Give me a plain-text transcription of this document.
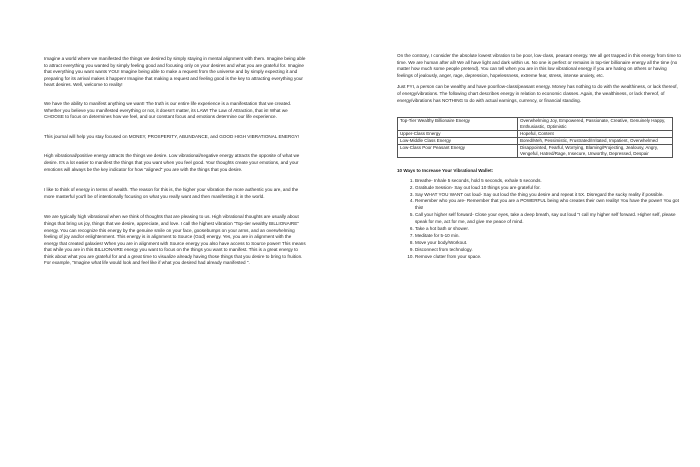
Imagine a world where we manifested the things we desired by simply staying in mental alignment with them. Imagine being able to attract everything you wanted by simply feeling good and focusing only on your desires and what you are grateful for. Imagine that everything you want wants YOU! Imagine being able to make a request from the universe and by simply expecting it and preparing for its arrival makes it happen! Imagine that making a request and feeling good is the key to attracting everything your heart desires. Well, welcome to reality!

We have the ability to manifest anything we want! The truth is our entire life experience is a manifestation that we created. Whether you believe you manifested everything or not, it doesn't matter, its LAW! The Law of Attraction, that is! What we CHOOSE to focus on determines how we feel, and our constant focus and emotions determine our life experience.

This journal will help you stay focused on MONEY, PROSPERITY, ABUNDANCE, and GOOD HIGH VIBRATIONAL ENERGY!

High vibrational/positive energy attracts the things we desire. Low vibrational/negative energy attracts the opposite of what we desire. It's a lot easier to manifest the things that you want when you feel good. Your thoughts create your emotions, and your emotions will always be the key indicator for how "aligned" you are with the things that you desire.

I like to think of energy in terms of wealth. The reason for this is, the higher your vibration the more authentic you are, and the more masterful you'll be of intentionally focusing on what you really want and then manifesting it in the world.

We are typically high vibrational when we think of thoughts that are pleasing to us. High vibrational thoughts are usually about things that bring us joy, things that we desire, appreciate, and love. I call the highest vibration "Top-tier wealthy BILLIONAIRE" energy. You can recognize this energy by the genuine smile on your face, goosebumps on your arms, and an overwhelming feeling of joy and/or enlightenment. This energy is in alignment to Source (God) energy. Yes, you are in alignment with the energy that created galaxies! When you are in alignment with Source energy you also have access to Source power! This means that while you are in this BILLIONAIRE energy you want to focus on the things you want to manifest. This is a great energy to think about what you are grateful for and a great time to visualize already having those things that you desire to bring to fruition. For example, "Imagine what life would look and feel like if what you desired had already manifested ".

On the contrary, I consider the absolute lowest vibration to be poor, low-class, peasant energy. We all get trapped in this energy from time to time. We are human after all! We all have light and dark within us. No one is perfect or remains in top-tier billionaire energy all the time (no matter how much some people pretend). You can tell when you are in this low vibrational energy if you are hating on others or having feelings of jealously, anger, rage, depression, hopelessness, extreme fear, stress, intense anxiety, etc.

Just FYI, a person can be wealthy and have poor/low-class/peasant energy. Money has nothing to do with the wealthiness, or lack thereof, of energy/vibrations. The following chart describes energy in relation to economic classes. Again, the wealthiness, or lack thereof, of energy/vibrations has NOTHING to do with actual earnings, currency, or financial standing.

Top-Tier Wealthy Billionaire Energy	Overwhelming Joy, Empowered, Passionate, Creative, Genuinely Happy, Enthusiastic, Optimistic
Upper-Class Energy	Hopeful, Content
Low-Middle Class Energy	Bored/Meh, Pessimistic, Frustrated/Irritated, Impatient, Overwhelmed
Low-Class Poor Peasant Energy	Disappointed, Fearful, Worrying, Blaming/Projecting, Jealousy, Angry, Vengeful, Hatred/Rage, Insecure, Unworthy, Depressed, Despair

10 Ways to Increase Your Vibrational Wallet:

1. Breathe- Inhale 5 seconds, hold 5 seconds, exhale 5 seconds.
2. Gratitude Session- Say out loud 10 things you are grateful for.
3. Say WHAT YOU WANT out loud- Say out loud the thing you desire and repeat it 5X. Disregard the sucky reality if possible.
4. Remember who you are- Remember that you are a POWERFUL being who creates their own reality! You have the power! You got this!
5. Call your higher self forward- Close your eyes, take a deep breath, say out loud "I call my higher self forward. Higher self, please speak for me, act for me, and give me peace of mind.
6. Take a hot bath or shower.
7. Meditate for 5-10 min.
8. Move your body/Workout.
9. Disconnect from technology.
10. Remove clutter from your space.
